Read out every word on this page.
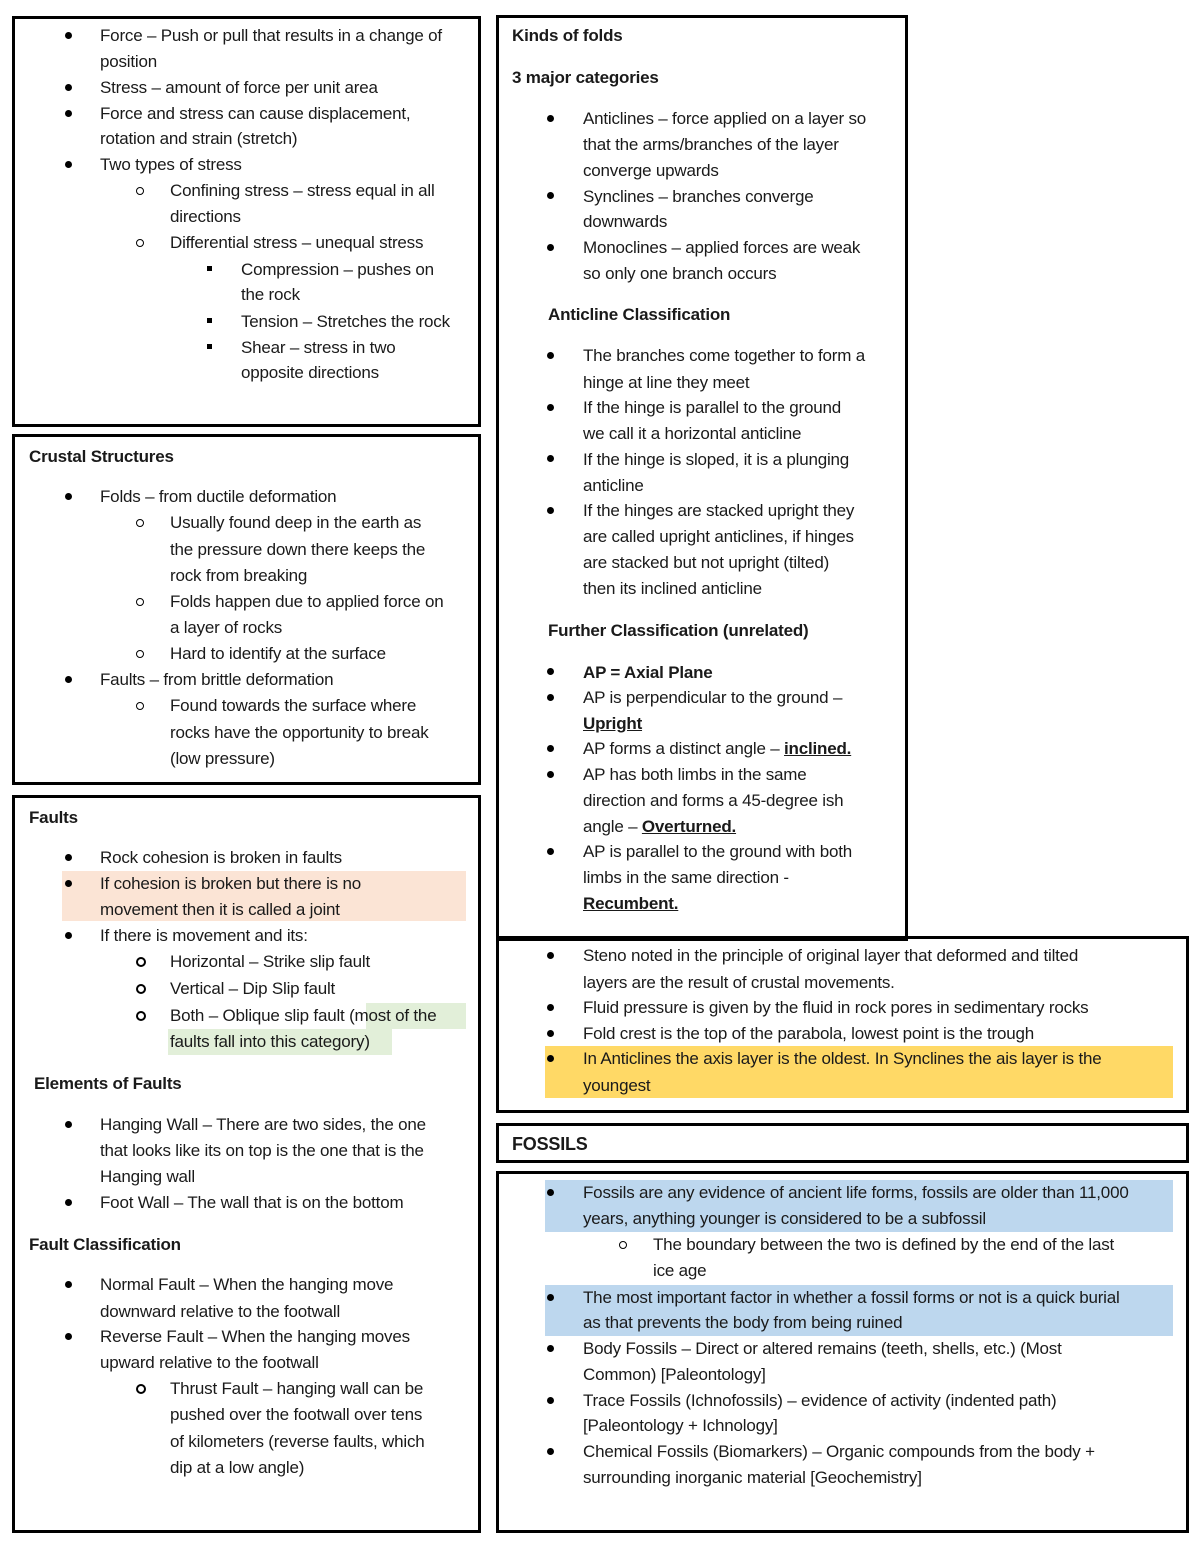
Force – Push or pull that results in a change of
position
Stress – amount of force per unit area
Force and stress can cause displacement,
rotation and strain (stretch)
Two types of stress
Confining stress – stress equal in all
directions
Differential stress – unequal stress
Compression – pushes on
the rock
Tension – Stretches the rock
Shear – stress in two
opposite directions
Crustal Structures
Folds – from ductile deformation
Usually found deep in the earth as
the pressure down there keeps the
rock from breaking
Folds happen due to applied force on
a layer of rocks
Hard to identify at the surface
Faults – from brittle deformation
Found towards the surface where
rocks have the opportunity to break
(low pressure)
Faults
Rock cohesion is broken in faults
If cohesion is broken but there is no
movement then it is called a joint
If there is movement and its:
Horizontal – Strike slip fault
Vertical – Dip Slip fault
Both – Oblique slip fault (most of the
faults fall into this category)
Elements of Faults
Hanging Wall – There are two sides, the one
that looks like its on top is the one that is the
Hanging wall
Foot Wall – The wall that is on the bottom
Fault Classification
Normal Fault – When the hanging move
downward relative to the footwall
Reverse Fault – When the hanging moves
upward relative to the footwall
Thrust Fault – hanging wall can be
pushed over the footwall over tens
of kilometers (reverse faults, which
dip at a low angle)
Kinds of folds
3 major categories
Anticlines – force applied on a layer so
that the arms/branches of the layer
converge upwards
Synclines – branches converge
downwards
Monoclines – applied forces are weak
so only one branch occurs
Anticline Classification
The branches come together to form a
hinge at line they meet
If the hinge is parallel to the ground
we call it a horizontal anticline
If the hinge is sloped, it is a plunging
anticline
If the hinges are stacked upright they
are called upright anticlines, if hinges
are stacked but not upright (tilted)
then its inclined anticline
Further Classification (unrelated)
AP = Axial Plane
AP is perpendicular to the ground –
Upright
AP forms a distinct angle – inclined.
AP has both limbs in the same
direction and forms a 45-degree ish
angle – Overturned.
AP is parallel to the ground with both
limbs in the same direction -
Recumbent.
Steno noted in the principle of original layer that deformed and tilted
layers are the result of crustal movements.
Fluid pressure is given by the fluid in rock pores in sedimentary rocks
Fold crest is the top of the parabola, lowest point is the trough
In Anticlines the axis layer is the oldest. In Synclines the ais layer is the
youngest
FOSSILS
Fossils are any evidence of ancient life forms, fossils are older than 11,000
years, anything younger is considered to be a subfossil
The boundary between the two is defined by the end of the last
ice age
The most important factor in whether a fossil forms or not is a quick burial
as that prevents the body from being ruined
Body Fossils – Direct or altered remains (teeth, shells, etc.) (Most
Common) [Paleontology]
Trace Fossils (Ichnofossils) – evidence of activity (indented path)
[Paleontology + Ichnology]
Chemical Fossils (Biomarkers) – Organic compounds from the body +
surrounding inorganic material [Geochemistry]
